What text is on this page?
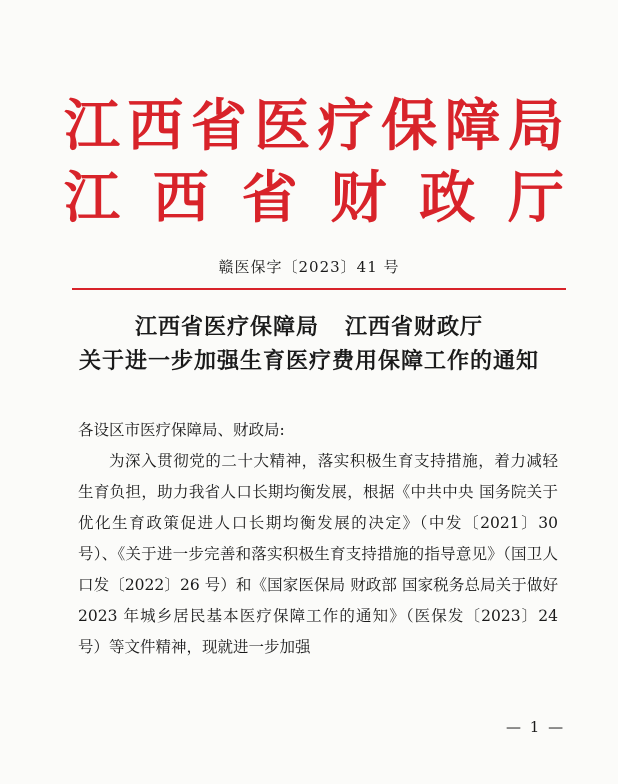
江 西 省 医 疗 保 障 局
江 西 省 财 政 厅
赣医保字〔2023〕41 号
江西省医疗保障局 江西省财政厅
关于进一步加强生育医疗费用保障工作的通知
各设区市医疗保障局、财政局:
为深入贯彻党的二十大精神，落实积极生育支持措施，着力减轻生育负担，助力我省人口长期均衡发展，根据《中共中央 国务院关于优化生育政策促进人口长期均衡发展的决定》（中发〔2021〕30 号）、《关于进一步完善和落实积极生育支持措施的指导意见》（国卫人口发〔2022〕26 号）和《国家医保局 财政部 国家税务总局关于做好 2023 年城乡居民基本医疗保障工作的通知》（医保发〔2023〕24 号）等文件精神，现就进一步加强
— 1 —
